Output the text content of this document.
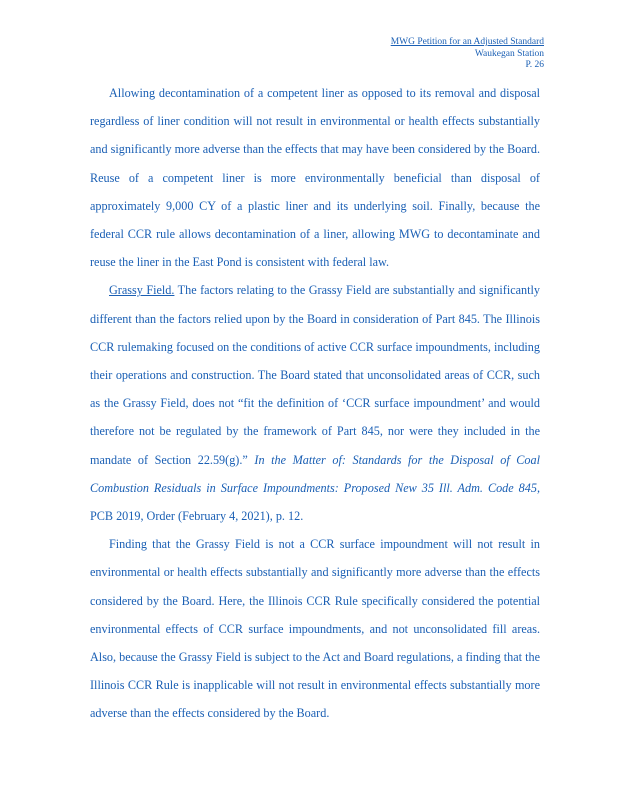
MWG Petition for an Adjusted Standard
Waukegan Station
P. 26

Allowing decontamination of a competent liner as opposed to its removal and disposal regardless of liner condition will not result in environmental or health effects substantially and significantly more adverse than the effects that may have been considered by the Board. Reuse of a competent liner is more environmentally beneficial than disposal of approximately 9,000 CY of a plastic liner and its underlying soil. Finally, because the federal CCR rule allows decontamination of a liner, allowing MWG to decontaminate and reuse the liner in the East Pond is consistent with federal law.

Grassy Field. The factors relating to the Grassy Field are substantially and significantly different than the factors relied upon by the Board in consideration of Part 845. The Illinois CCR rulemaking focused on the conditions of active CCR surface impoundments, including their operations and construction. The Board stated that unconsolidated areas of CCR, such as the Grassy Field, does not “fit the definition of ‘CCR surface impoundment’ and would therefore not be regulated by the framework of Part 845, nor were they included in the mandate of Section 22.59(g).” In the Matter of: Standards for the Disposal of Coal Combustion Residuals in Surface Impoundments: Proposed New 35 Ill. Adm. Code 845, PCB 2019, Order (February 4, 2021), p. 12.

Finding that the Grassy Field is not a CCR surface impoundment will not result in environmental or health effects substantially and significantly more adverse than the effects considered by the Board. Here, the Illinois CCR Rule specifically considered the potential environmental effects of CCR surface impoundments, and not unconsolidated fill areas. Also, because the Grassy Field is subject to the Act and Board regulations, a finding that the Illinois CCR Rule is inapplicable will not result in environmental effects substantially more adverse than the effects considered by the Board.
